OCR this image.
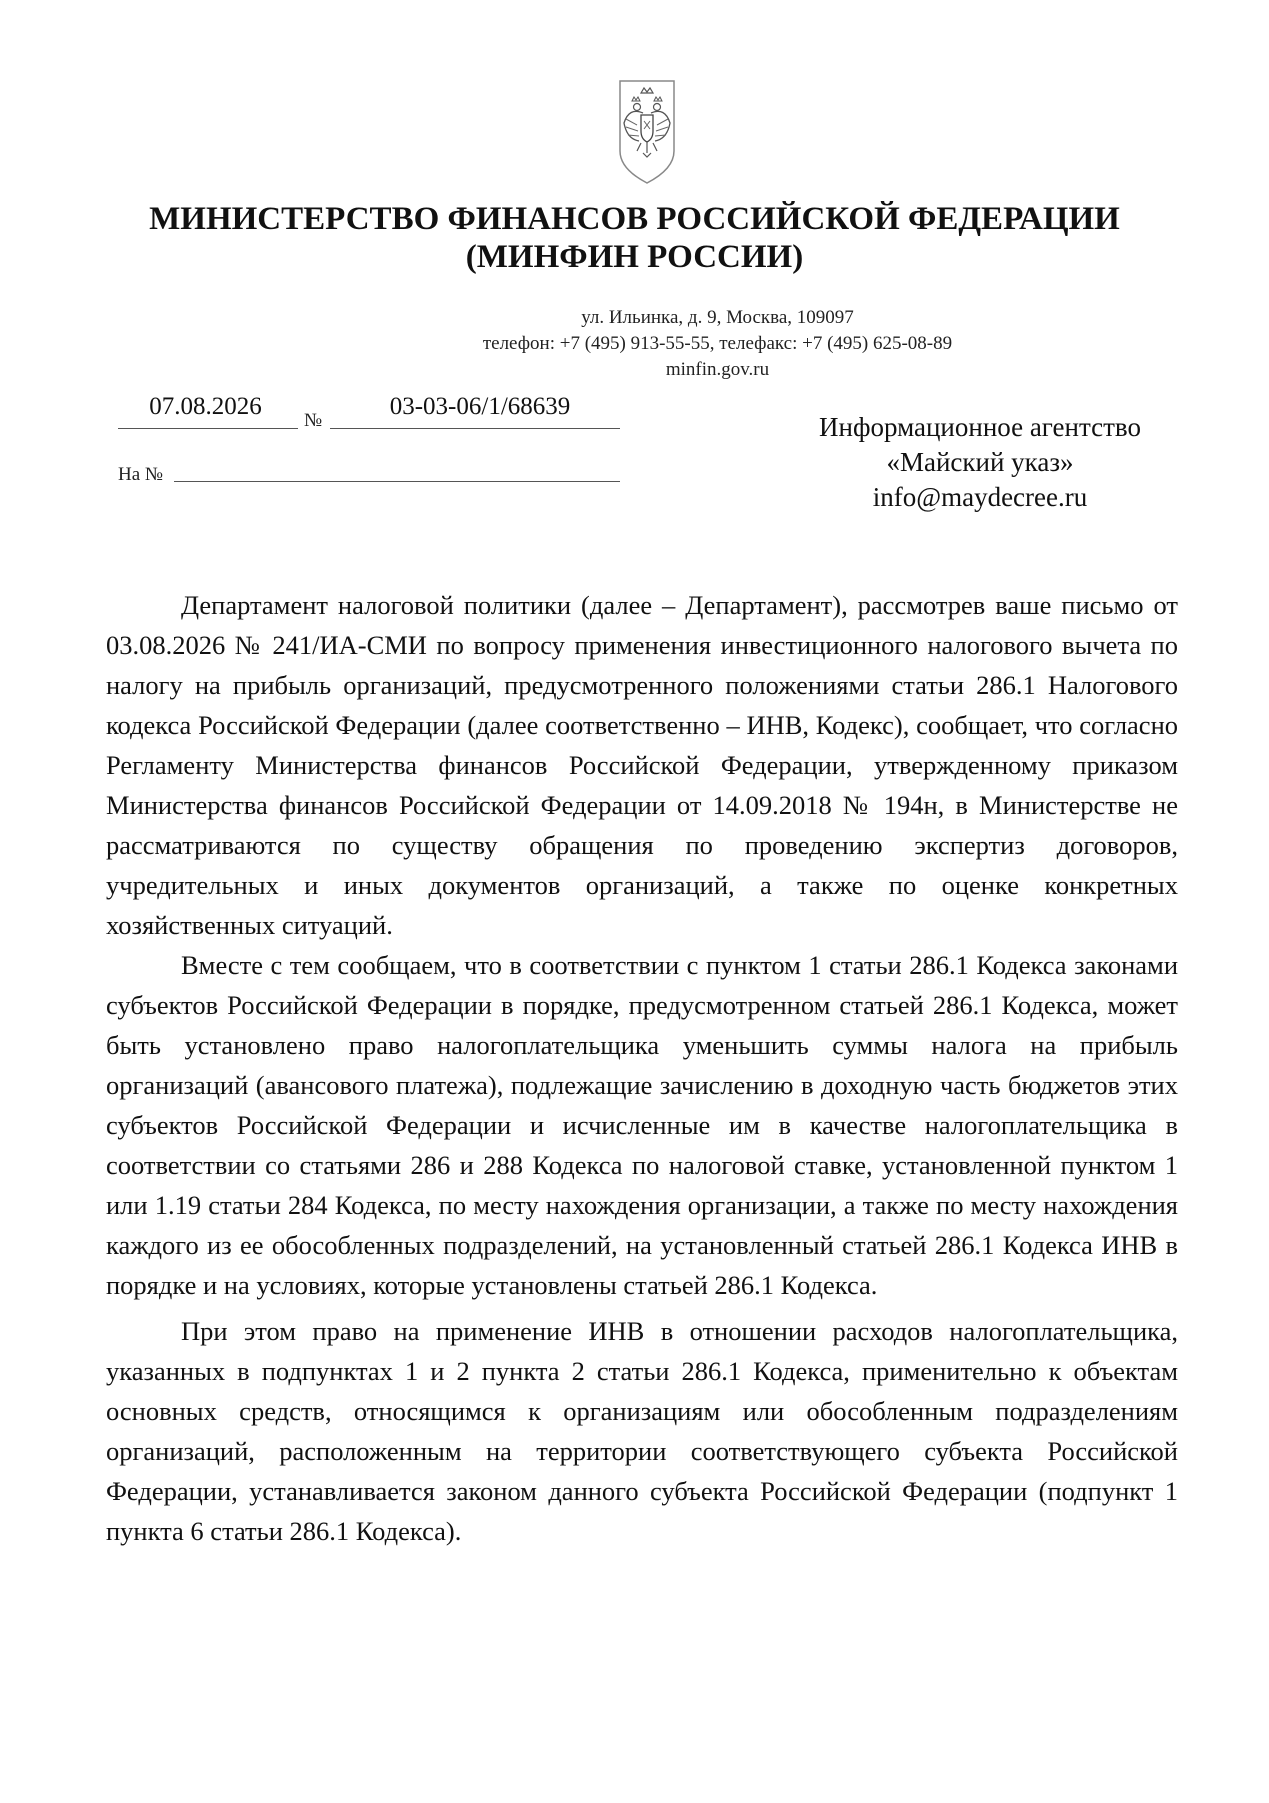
МИНИСТЕРСТВО ФИНАНСОВ РОССИЙСКОЙ ФЕДЕРАЦИИ
(МИНФИН РОССИИ)
ул. Ильинка, д. 9, Москва, 109097
телефон: +7 (495) 913-55-55, телефакс: +7 (495) 625-08-89
minfin.gov.ru
07.08.2026
№
03-03-06/1/68639
На №
Информационное агентство
«Майский указ»
info@maydecree.ru

Департамент налоговой политики (далее – Департамент), рассмотрев ваше письмо от 03.08.2026 № 241/ИА-СМИ по вопросу применения инвестиционного налогового вычета по налогу на прибыль организаций, предусмотренного положениями статьи 286.1 Налогового кодекса Российской Федерации (далее соответственно – ИНВ, Кодекс), сообщает, что согласно Регламенту Министерства финансов Российской Федерации, утвержденному приказом Министерства финансов Российской Федерации от 14.09.2018 № 194н, в Министерстве не рассматриваются по существу обращения по проведению экспертиз договоров, учредительных и иных документов организаций, а также по оценке конкретных хозяйственных ситуаций.

Вместе с тем сообщаем, что в соответствии с пунктом 1 статьи 286.1 Кодекса законами субъектов Российской Федерации в порядке, предусмотренном статьей 286.1 Кодекса, может быть установлено право налогоплательщика уменьшить суммы налога на прибыль организаций (авансового платежа), подлежащие зачислению в доходную часть бюджетов этих субъектов Российской Федерации и исчисленные им в качестве налогоплательщика в соответствии со статьями 286 и 288 Кодекса по налоговой ставке, установленной пунктом 1 или 1.19 статьи 284 Кодекса, по месту нахождения организации, а также по месту нахождения каждого из ее обособленных подразделений, на установленный статьей 286.1 Кодекса ИНВ в порядке и на условиях, которые установлены статьей 286.1 Кодекса.

При этом право на применение ИНВ в отношении расходов налогоплательщика, указанных в подпунктах 1 и 2 пункта 2 статьи 286.1 Кодекса, применительно к объектам основных средств, относящимся к организациям или обособленным подразделениям организаций, расположенным на территории соответствующего субъекта Российской Федерации, устанавливается законом данного субъекта Российской Федерации (подпункт 1 пункта 6 статьи 286.1 Кодекса).
